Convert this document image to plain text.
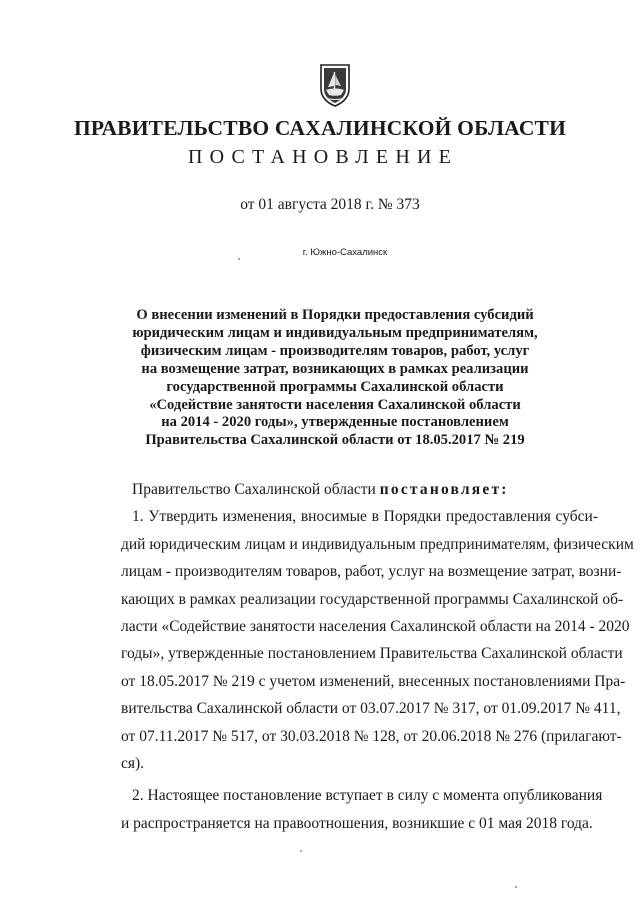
ПРАВИТЕЛЬСТВО САХАЛИНСКОЙ ОБЛАСТИ
ПОСТАНОВЛЕНИЕ
от 01 августа 2018 г. № 373
г. Южно-Сахалинск
О внесении изменений в Порядки предоставления субсидий
юридическим лицам и индивидуальным предпринимателям,
физическим лицам - производителям товаров, работ, услуг
на возмещение затрат, возникающих в рамках реализации
государственной программы Сахалинской области
«Содействие занятости населения Сахалинской области
на 2014 - 2020 годы», утвержденные постановлением
Правительства Сахалинской области от 18.05.2017 № 219
Правительство Сахалинской области постановляет:
1. Утвердить изменения, вносимые в Порядки предоставления субси-
дий юридическим лицам и индивидуальным предпринимателям, физическим
лицам - производителям товаров, работ, услуг на возмещение затрат, возни-
кающих в рамках реализации государственной программы Сахалинской об-
ласти «Содействие занятости населения Сахалинской области на 2014 - 2020
годы», утвержденные постановлением Правительства Сахалинской области
от 18.05.2017 № 219 с учетом изменений, внесенных постановлениями Пра-
вительства Сахалинской области от 03.07.2017 № 317, от 01.09.2017 № 411,
от 07.11.2017 № 517, от 30.03.2018 № 128, от 20.06.2018 № 276 (прилагают-
ся).
2. Настоящее постановление вступает в силу с момента опубликования
и распространяется на правоотношения, возникшие с 01 мая 2018 года.
